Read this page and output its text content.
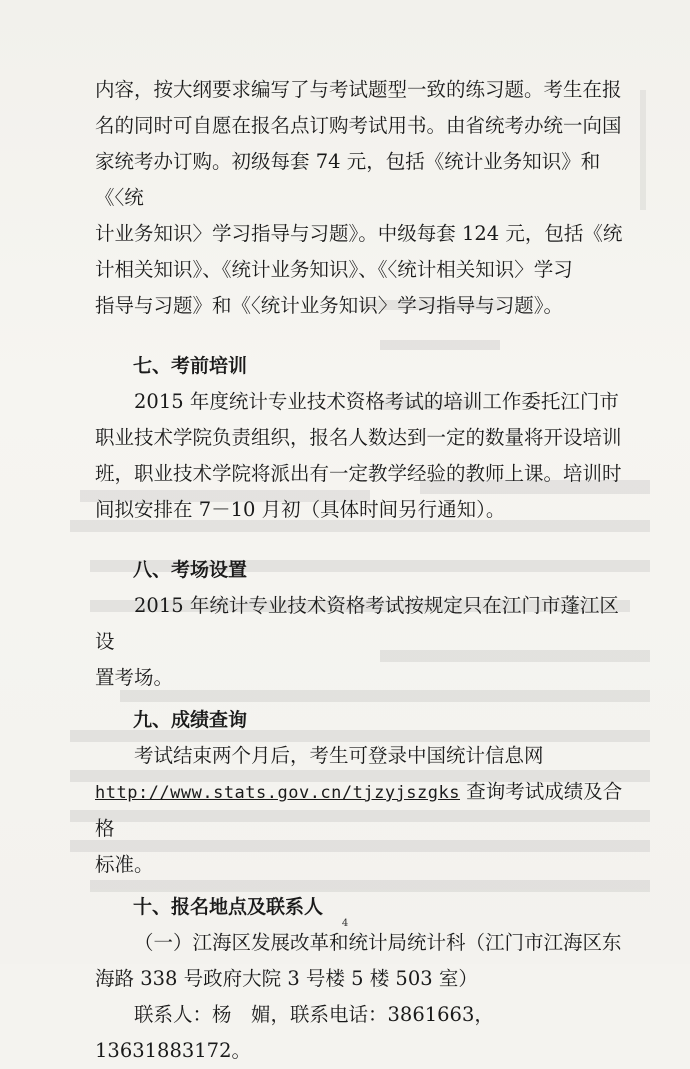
内容，按大纲要求编写了与考试题型一致的练习题。考生在报

名的同时可自愿在报名点订购考试用书。由省统考办统一向国

家统考办订购。初级每套 74 元，包括《统计业务知识》和《〈统

计业务知识〉学习指导与习题》。中级每套 124 元，包括《统

计相关知识》、《统计业务知识》、《〈统计相关知识〉学习

指导与习题》和《〈统计业务知识〉学习指导与习题》。

七、考前培训

2015 年度统计专业技术资格考试的培训工作委托江门市

职业技术学院负责组织，报名人数达到一定的数量将开设培训

班，职业技术学院将派出有一定教学经验的教师上课。培训时

间拟安排在 7－10 月初（具体时间另行通知）。

八、考场设置

2015 年统计专业技术资格考试按规定只在江门市蓬江区设

置考场。

九、成绩查询

考试结束两个月后，考生可登录中国统计信息网

http://www.stats.gov.cn/tjzyjszgks 查询考试成绩及合格

标准。

十、报名地点及联系人

（一）江海区发展改革和统计局统计科（江门市江海区东

海路 338 号政府大院 3 号楼 5 楼 503 室）

联系人：杨　媚，联系电话：3861663，13631883172。

4
